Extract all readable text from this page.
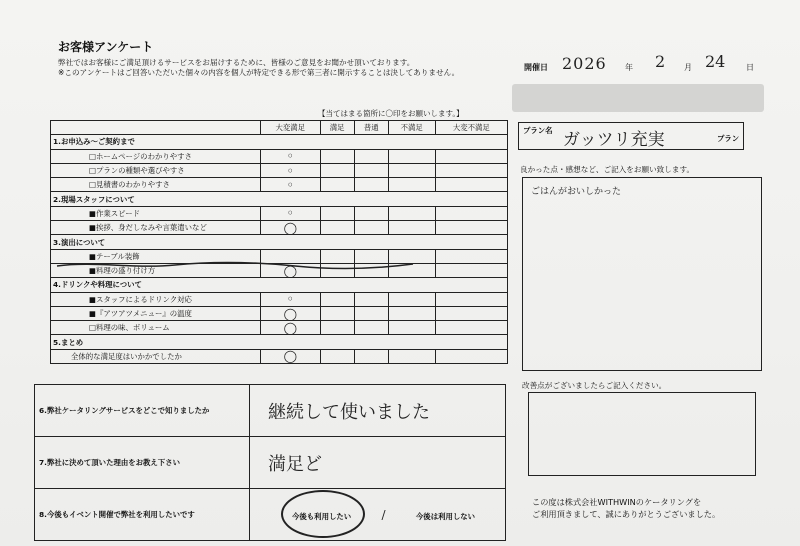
お客様アンケート
弊社ではお客様にご満足頂けるサービスをお届けするために、皆様のご意見をお聞かせ頂いております。
※このアンケートはご回答いただいた個々の内容を個人が特定できる形で第三者に開示することは決してありません。
開催日 2026 年 2 月 24	日
【当てはまる箇所に〇印をお願いします。】
	大変満足	満足	普通	不満足	大変不満足
1.お申込み～ご契約まで					
□ホームページのわかりやすさ	◦				
□プランの種類や選びやすさ	◦				
□見積書のわかりやすさ	◦				
2.現場スタッフについて					
■作業スピード	◦				
■挨拶、身だしなみや言葉遣いなど	◯				
3.演出について					
■テーブル装飾					
■料理の盛り付け方	◯				
4.ドリンクや料理について					
■スタッフによるドリンク対応	◦				
■『アツアツメニュー』の温度	◯				
□料理の味、ボリューム	◯				
5.まとめ					
全体的な満足度はいかかでしたか	◯				
プラン名 ガッツリ充実	プラン
良かった点・感想など、ご記入をお願い致します。
ごはんがおいしかった
改善点がございましたらご記入ください。
6.弊社ケータリングサービスをどこで知りましたか	継続して使いました
7.弊社に決めて頂いた理由をお教え下さい	満足ど
8.今後もイベント開催で弊社を利用したいです	今後も利用したい / 今後は利用しない
この度は株式会社WITHWINのケータリングを
ご利用頂きまして、誠にありがとうございました。
